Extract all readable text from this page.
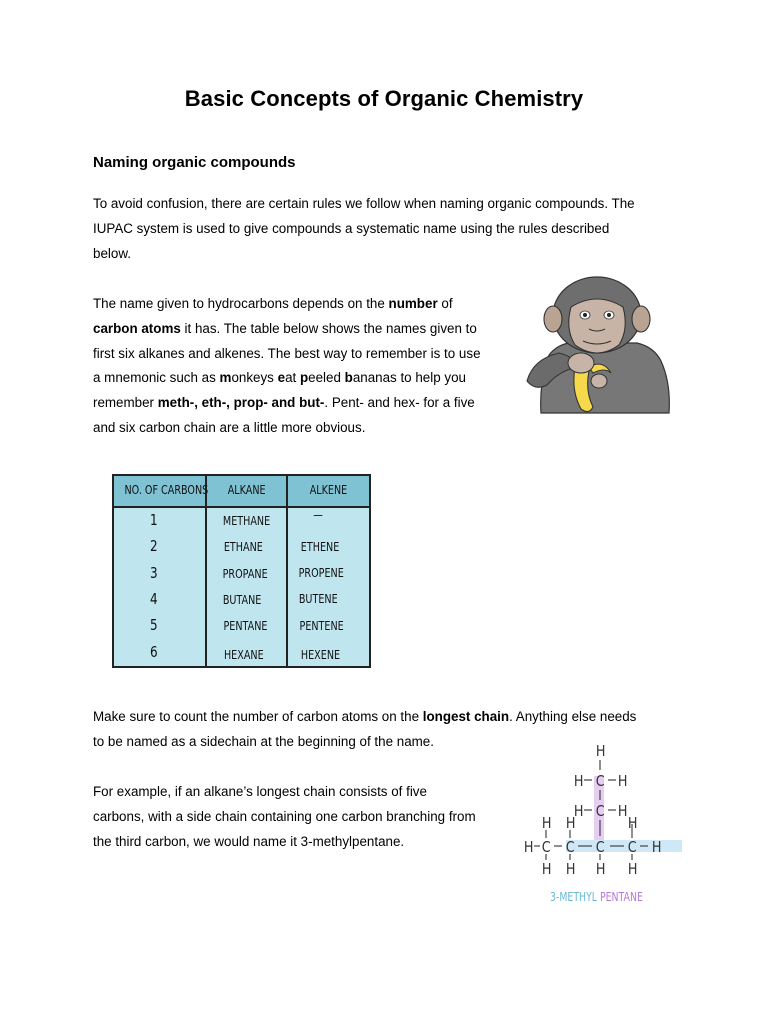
Basic Concepts of Organic Chemistry
Naming organic compounds
To avoid confusion, there are certain rules we follow when naming organic compounds. The
IUPAC system is used to give compounds a systematic name using the rules described
below.
The name given to hydrocarbons depends on the number of
carbon atoms it has. The table below shows the names given to
first six alkanes and alkenes. The best way to remember is to use
a mnemonic such as monkeys eat peeled bananas to help you
remember meth-, eth-, prop- and but-. Pent- and hex- for a five
and six carbon chain are a little more obvious.
NO. OF CARBONS	ALKANE	ALKENE
1	METHANE	—
2	ETHANE	ETHENE
3	PROPANE	PROPENE
4	BUTANE	BUTENE
5	PENTANE	PENTENE
6	HEXANE	HEXENE
Make sure to count the number of carbon atoms on the longest chain. Anything else needs
to be named as a sidechain at the beginning of the name.
For example, if an alkane’s longest chain consists of five
carbons, with a side chain containing one carbon branching from
the third carbon, we would name it 3-methylpentane.
H
H C H
H C H
H H	H
H C C C C H
H H H H
3-METHYL PENTANE
